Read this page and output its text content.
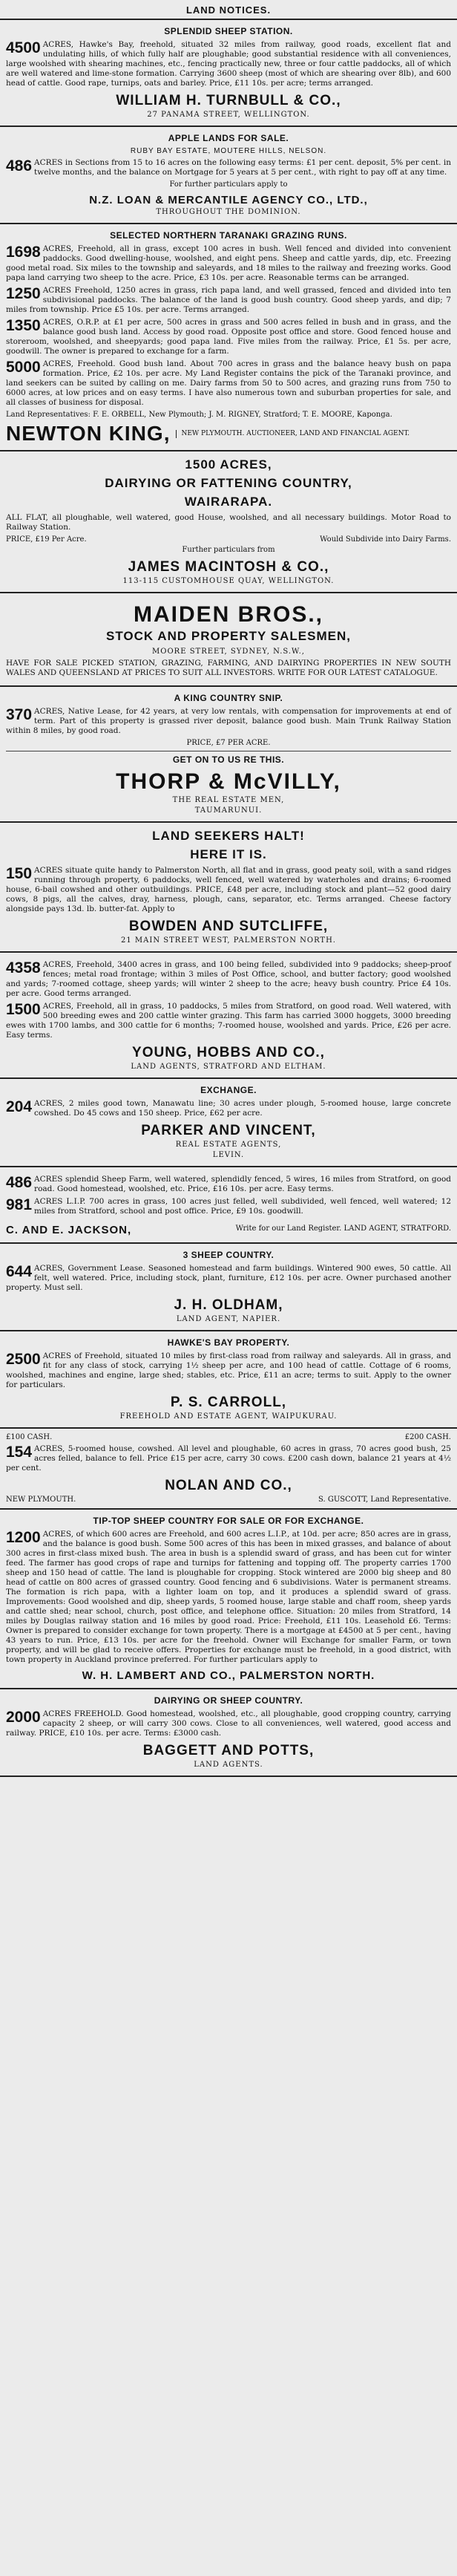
LAND NOTICES.
SPLENDID SHEEP STATION.
4500 ACRES, Hawke's Bay, freehold, situated 32 miles from railway, good roads, excellent flat and undulating hills, of which fully half are ploughable; good substantial residence with all conveniences, large woolshed with shearing machines, etc., fencing practically new, three or four cattle paddocks, all of which are well watered and lime-stone formation. Carrying 3600 sheep (most of which are shearing over 8lb), and 600 head of cattle. Good rape, turnips, oats and barley. Price, £11 10s. per acre; terms arranged.
WILLIAM H. TURNBULL & CO.,
27 PANAMA STREET, WELLINGTON.
APPLE LANDS FOR SALE.
RUBY BAY ESTATE, MOUTERE HILLS, NELSON.
486 ACRES in Sections from 15 to 16 acres on the following easy terms: £1 per cent. deposit, 5% per cent. in twelve months, and the balance on Mortgage for 5 years at 5 per cent., with right to pay off at any time.
For further particulars apply to
N.Z. LOAN & MERCANTILE AGENCY CO., LTD.,
THROUGHOUT THE DOMINION.
SELECTED NORTHERN TARANAKI GRAZING RUNS.
1698 ACRES, Freehold, all in grass, except 100 acres in bush. Well fenced and divided into convenient paddocks. Good dwelling-house, woolshed, and eight pens. Sheep and cattle yards, dip, etc. Freezing good metal road. Six miles to the township and saleyards, and 18 miles to the railway and freezing works. Good papa land carrying two sheep to the acre. Price, £3 10s. per acre. Reasonable terms can be arranged.
1250 ACRES Freehold, 1250 acres in grass, rich papa land, and well grassed, fenced and divided into ten subdivisional paddocks. The balance of the land is good bush country. Good sheep yards, and dip; 7 miles from township. Price £5 10s. per acre. Terms arranged.
1350 ACRES, O.R.P. at £1 per acre, 500 acres in grass and 500 acres felled in bush and in grass, and the balance good bush land. Access by good road. Opposite post office and store. Good fenced house and storeroom, woolshed, and sheepyards; good papa land. Five miles from the railway. Price, £1 5s. per acre, goodwill. The owner is prepared to exchange for a farm.
5000 ACRES, Freehold. Good bush land. About 700 acres in grass and the balance heavy bush on papa formation. Price, £2 10s. per acre. My Land Register contains the pick of the Taranaki province, and land seekers can be suited by calling on me. Dairy farms from 50 to 500 acres, and grazing runs from 750 to 6000 acres, at low prices and on easy terms. I have also numerous town and suburban properties for sale, and all classes of business for disposal.
Land Representatives: F. E. ORBELL, New Plymouth; J. M. RIGNEY, Stratford; T. E. MOORE, Kaponga.
NEWTON KING,	NEW PLYMOUTH. AUCTIONEER, LAND AND FINANCIAL AGENT.
1500 ACRES,
DAIRYING OR FATTENING COUNTRY,
WAIRARAPA.
ALL FLAT, all ploughable, well watered, good House, woolshed, and all necessary buildings. Motor Road to Railway Station.
PRICE, £19 Per Acre.	Would Subdivide into Dairy Farms.
Further particulars from
JAMES MACINTOSH & CO.,
113-115 CUSTOMHOUSE QUAY, WELLINGTON.
MAIDEN BROS.,
STOCK AND PROPERTY SALESMEN,
MOORE STREET, SYDNEY, N.S.W.,
HAVE FOR SALE PICKED STATION, GRAZING, FARMING, AND DAIRYING PROPERTIES IN NEW SOUTH WALES AND QUEENSLAND AT PRICES TO SUIT ALL INVESTORS. WRITE FOR OUR LATEST CATALOGUE.
A KING COUNTRY SNIP.
370 ACRES, Native Lease, for 42 years, at very low rentals, with compensation for improvements at end of term. Part of this property is grassed river deposit, balance good bush. Main Trunk Railway Station within 8 miles, by good road.
PRICE, £7 PER ACRE.
GET ON TO US RE THIS.
THORP & McVILLY,
THE REAL ESTATE MEN,
TAUMARUNUI.
LAND SEEKERS HALT!
HERE IT IS.
150 ACRES situate quite handy to Palmerston North, all flat and in grass, good peaty soil, with a sand ridges running through property, 6 paddocks, well fenced, well watered by waterholes and drains; 6-roomed house, 6-bail cowshed and other outbuildings. PRICE, £48 per acre, including stock and plant—52 good dairy cows, 8 pigs, all the calves, dray, harness, plough, cans, separator, etc. Terms arranged. Cheese factory alongside pays 13d. lb. butter-fat. Apply to
BOWDEN AND SUTCLIFFE,
21 MAIN STREET WEST, PALMERSTON NORTH.
4358 ACRES, Freehold, 3400 acres in grass, and 100 being felled, subdivided into 9 paddocks; sheep-proof fences; metal road frontage; within 3 miles of Post Office, school, and butter factory; good woolshed and yards; 7-roomed cottage, sheep yards; will winter 2 sheep to the acre; heavy bush country. Price £4 10s. per acre. Good terms arranged.
1500 ACRES, Freehold, all in grass, 10 paddocks, 5 miles from Stratford, on good road. Well watered, with 500 breeding ewes and 200 cattle winter grazing. This farm has carried 3000 hoggets, 3000 breeding ewes with 1700 lambs, and 300 cattle for 6 months; 7-roomed house, woolshed and yards. Price, £26 per acre. Easy terms.
YOUNG, HOBBS AND CO.,
LAND AGENTS, STRATFORD AND ELTHAM.
EXCHANGE.
204 ACRES, 2 miles good town, Manawatu line; 30 acres under plough, 5-roomed house, large concrete cowshed. Do 45 cows and 150 sheep. Price, £62 per acre.
PARKER AND VINCENT,
REAL ESTATE AGENTS,
LEVIN.
486 ACRES splendid Sheep Farm, well watered, splendidly fenced, 5 wires, 16 miles from Stratford, on good road. Good homestead, woolshed, etc. Price, £16 10s. per acre. Easy terms.
981 ACRES L.I.P. 700 acres in grass, 100 acres just felled, well subdivided, well fenced, well watered; 12 miles from Stratford, school and post office. Price, £9 10s. goodwill.
C. AND E. JACKSON,	Write for our Land Register. LAND AGENT, STRATFORD.
3 SHEEP COUNTRY.
644 ACRES, Government Lease. Seasoned homestead and farm buildings. Wintered 900 ewes, 50 cattle. All felt, well watered. Price, including stock, plant, furniture, £12 10s. per acre. Owner purchased another property. Must sell.
J. H. OLDHAM,
LAND AGENT, NAPIER.
HAWKE'S BAY PROPERTY.
2500 ACRES of Freehold, situated 10 miles by first-class road from railway and saleyards. All in grass, and fit for any class of stock, carrying 1½ sheep per acre, and 100 head of cattle. Cottage of 6 rooms, woolshed, machines and engine, large shed; stables, etc. Price, £11 an acre; terms to suit. Apply to the owner for particulars.
P. S. CARROLL,
FREEHOLD AND ESTATE AGENT, WAIPUKURAU.
£100 CASH.	£200 CASH.
154 ACRES, 5-roomed house, cowshed. All level and ploughable, 60 acres in grass, 70 acres good bush, 25 acres felled, balance to fell. Price £15 per acre, carry 30 cows. £200 cash down, balance 21 years at 4½ per cent.
NOLAN AND CO.,
NEW PLYMOUTH.	S. GUSCOTT, Land Representative.
TIP-TOP SHEEP COUNTRY FOR SALE OR FOR EXCHANGE.
1200 ACRES, of which 600 acres are Freehold, and 600 acres L.I.P., at 10d. per acre; 850 acres are in grass, and the balance is good bush. Some 500 acres of this has been in mixed grasses, and balance of about 300 acres in first-class mixed bush. The area in bush is a splendid sward of grass, and has been cut for winter feed. The farmer has good crops of rape and turnips for fattening and topping off. The property carries 1700 sheep and 150 head of cattle. The land is ploughable for cropping. Stock wintered are 2000 big sheep and 80 head of cattle on 800 acres of grassed country. Good fencing and 6 subdivisions. Water is permanent streams. The formation is rich papa, with a lighter loam on top, and it produces a splendid sward of grass. Improvements: Good woolshed and dip, sheep yards, 5 roomed house, large stable and chaff room, sheep yards and cattle shed; near school, church, post office, and telephone office. Situation: 20 miles from Stratford, 14 miles by Douglas railway station and 16 miles by good road. Price: Freehold, £11 10s. Leasehold £6. Terms: Owner is prepared to consider exchange for town property. There is a mortgage at £4500 at 5 per cent., having 43 years to run. Price, £13 10s. per acre for the freehold. Owner will Exchange for smaller Farm, or town property, and will be glad to receive offers. Properties for exchange must be freehold, in a good district, with town property in Auckland province preferred. For further particulars apply to
W. H. LAMBERT AND CO., PALMERSTON NORTH.
DAIRYING OR SHEEP COUNTRY.
2000 ACRES FREEHOLD. Good homestead, woolshed, etc., all ploughable, good cropping country, carrying capacity 2 sheep, or will carry 300 cows. Close to all conveniences, well watered, good access and railway. PRICE, £10 10s. per acre. Terms: £3000 cash.
BAGGETT AND POTTS,
LAND AGENTS.
